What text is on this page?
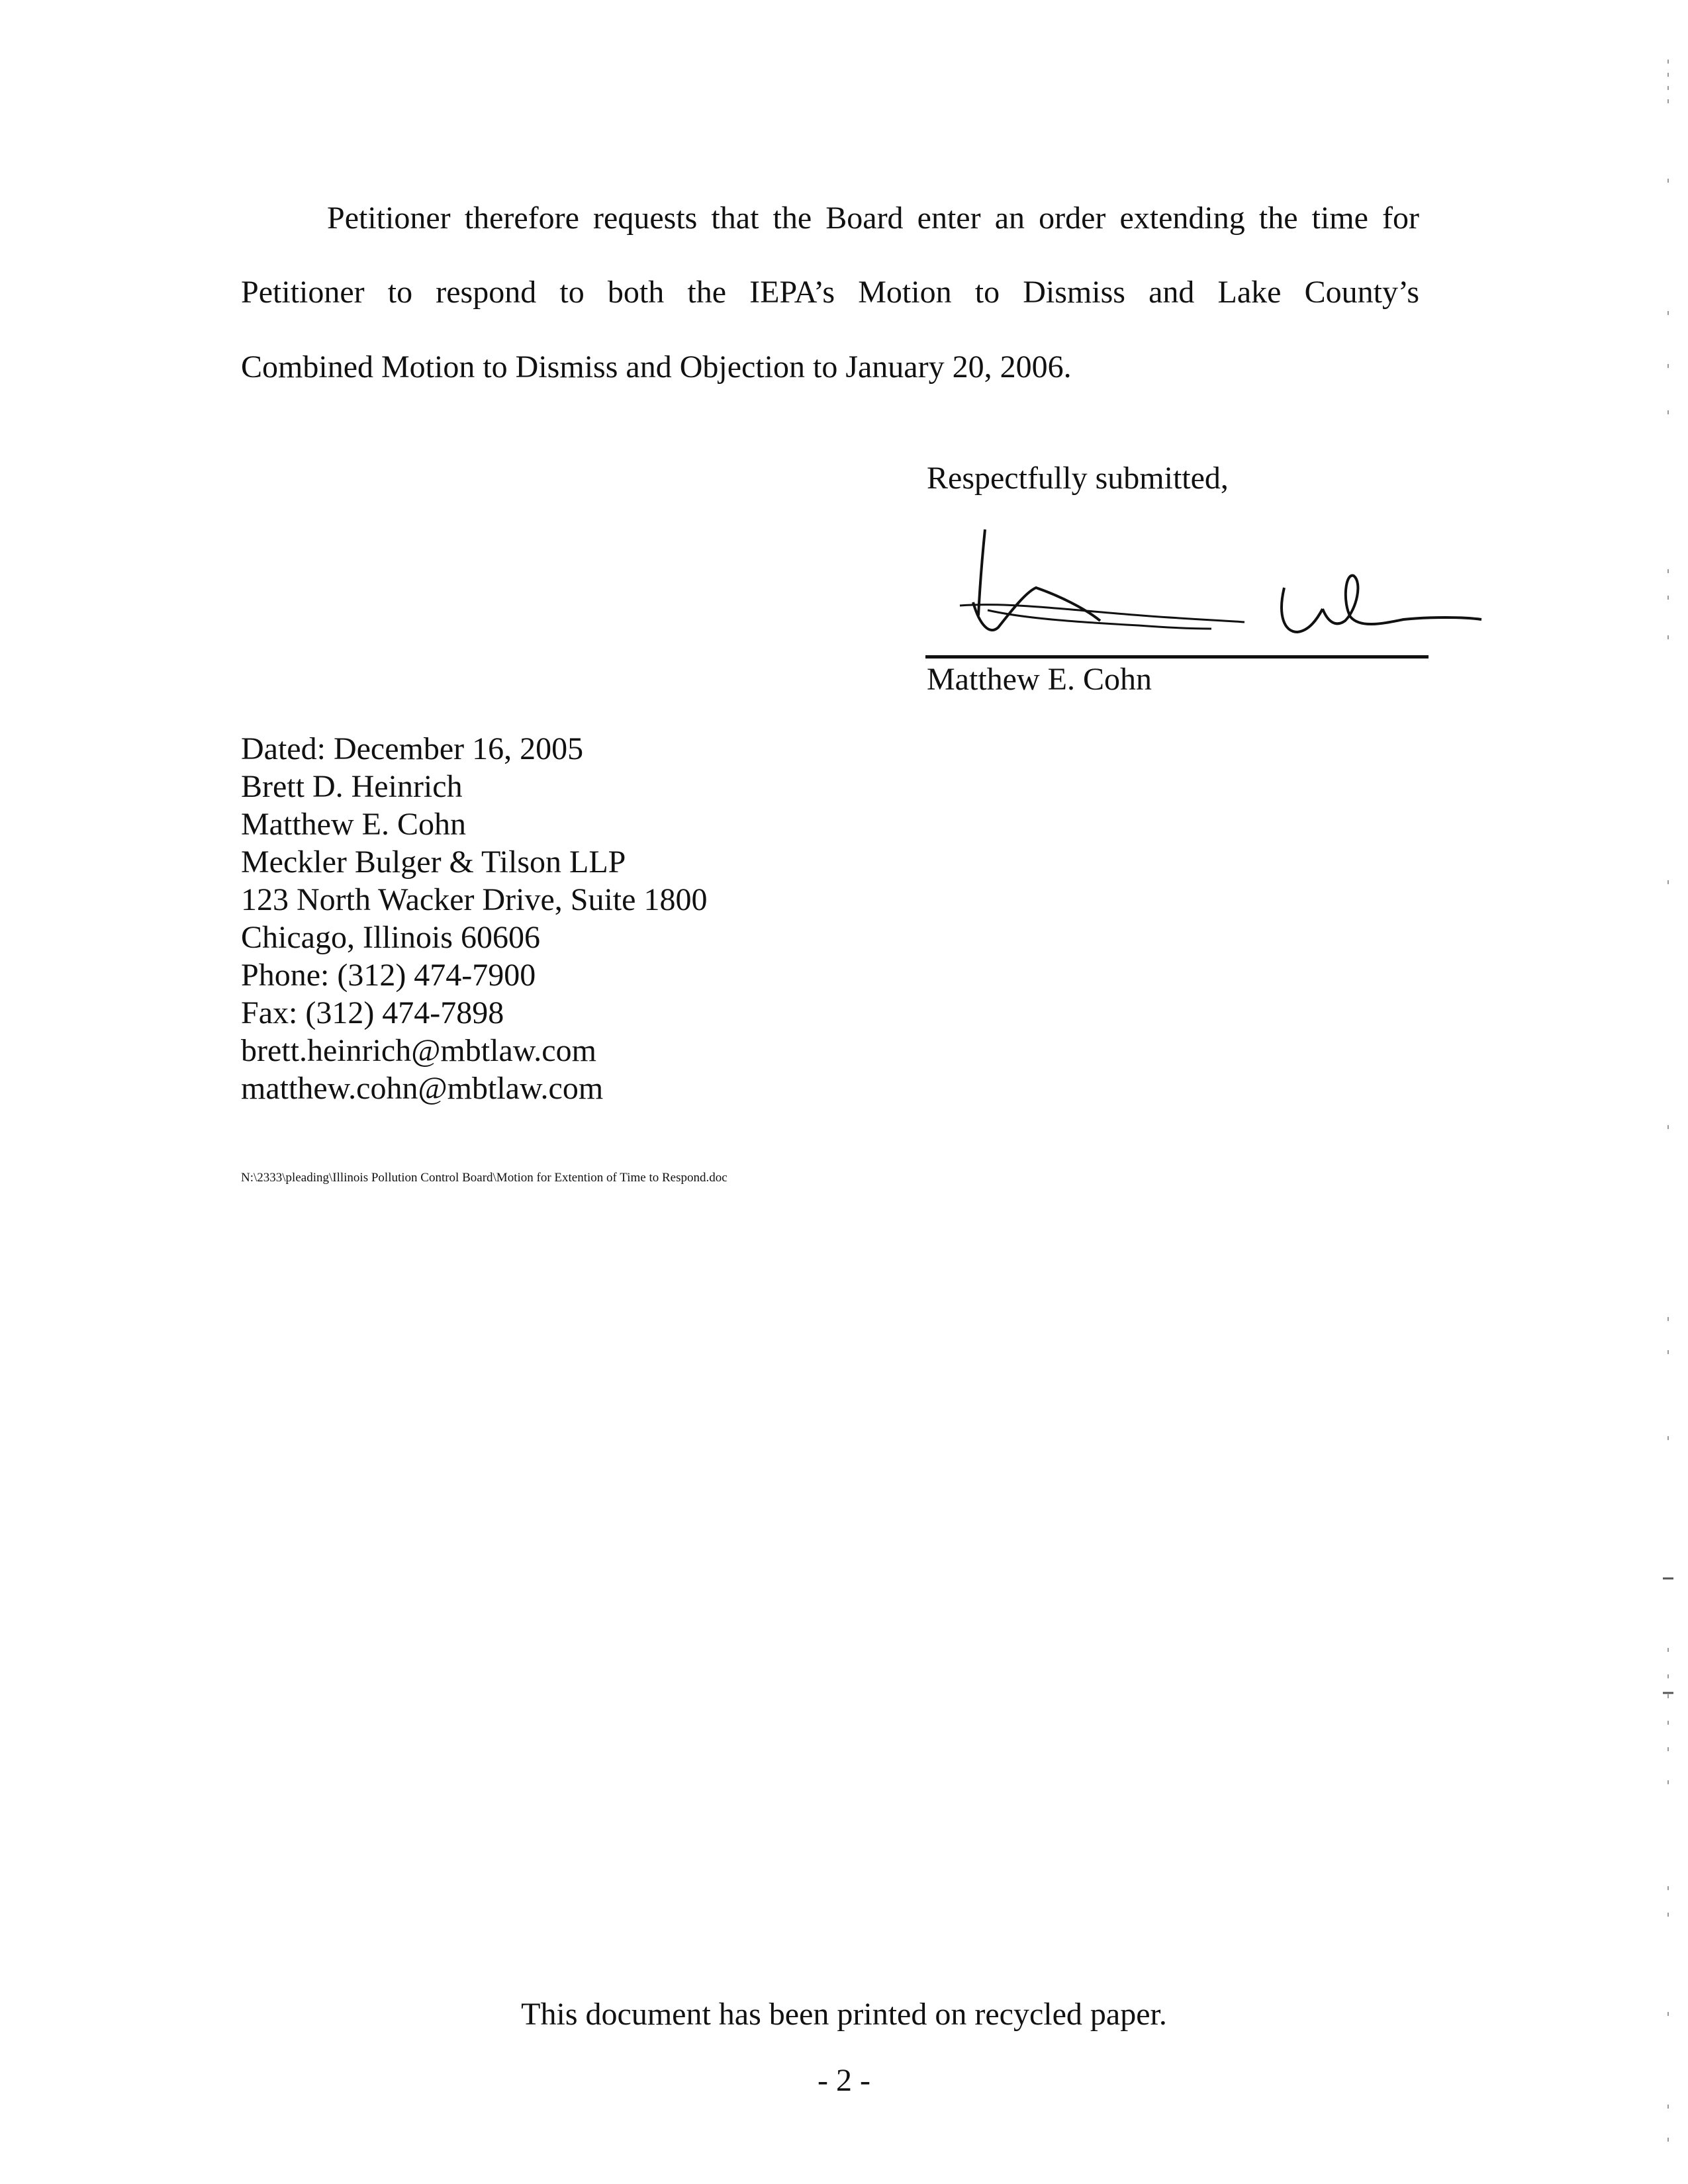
Petitioner therefore requests that the Board enter an order extending the time for
Petitioner to respond to both the IEPA’s Motion to Dismiss and Lake County’s
Combined Motion to Dismiss and Objection to January 20, 2006.
Respectfully submitted,
Matthew E. Cohn
Dated: December 16, 2005
Brett D. Heinrich
Matthew E. Cohn
Meckler Bulger & Tilson LLP
123 North Wacker Drive, Suite 1800
Chicago, Illinois 60606
Phone: (312) 474-7900
Fax: (312) 474-7898
brett.heinrich@mbtlaw.com
matthew.cohn@mbtlaw.com
N:\2333\pleading\Illinois Pollution Control Board\Motion for Extention of Time to Respond.doc
This document has been printed on recycled paper.
- 2 -
